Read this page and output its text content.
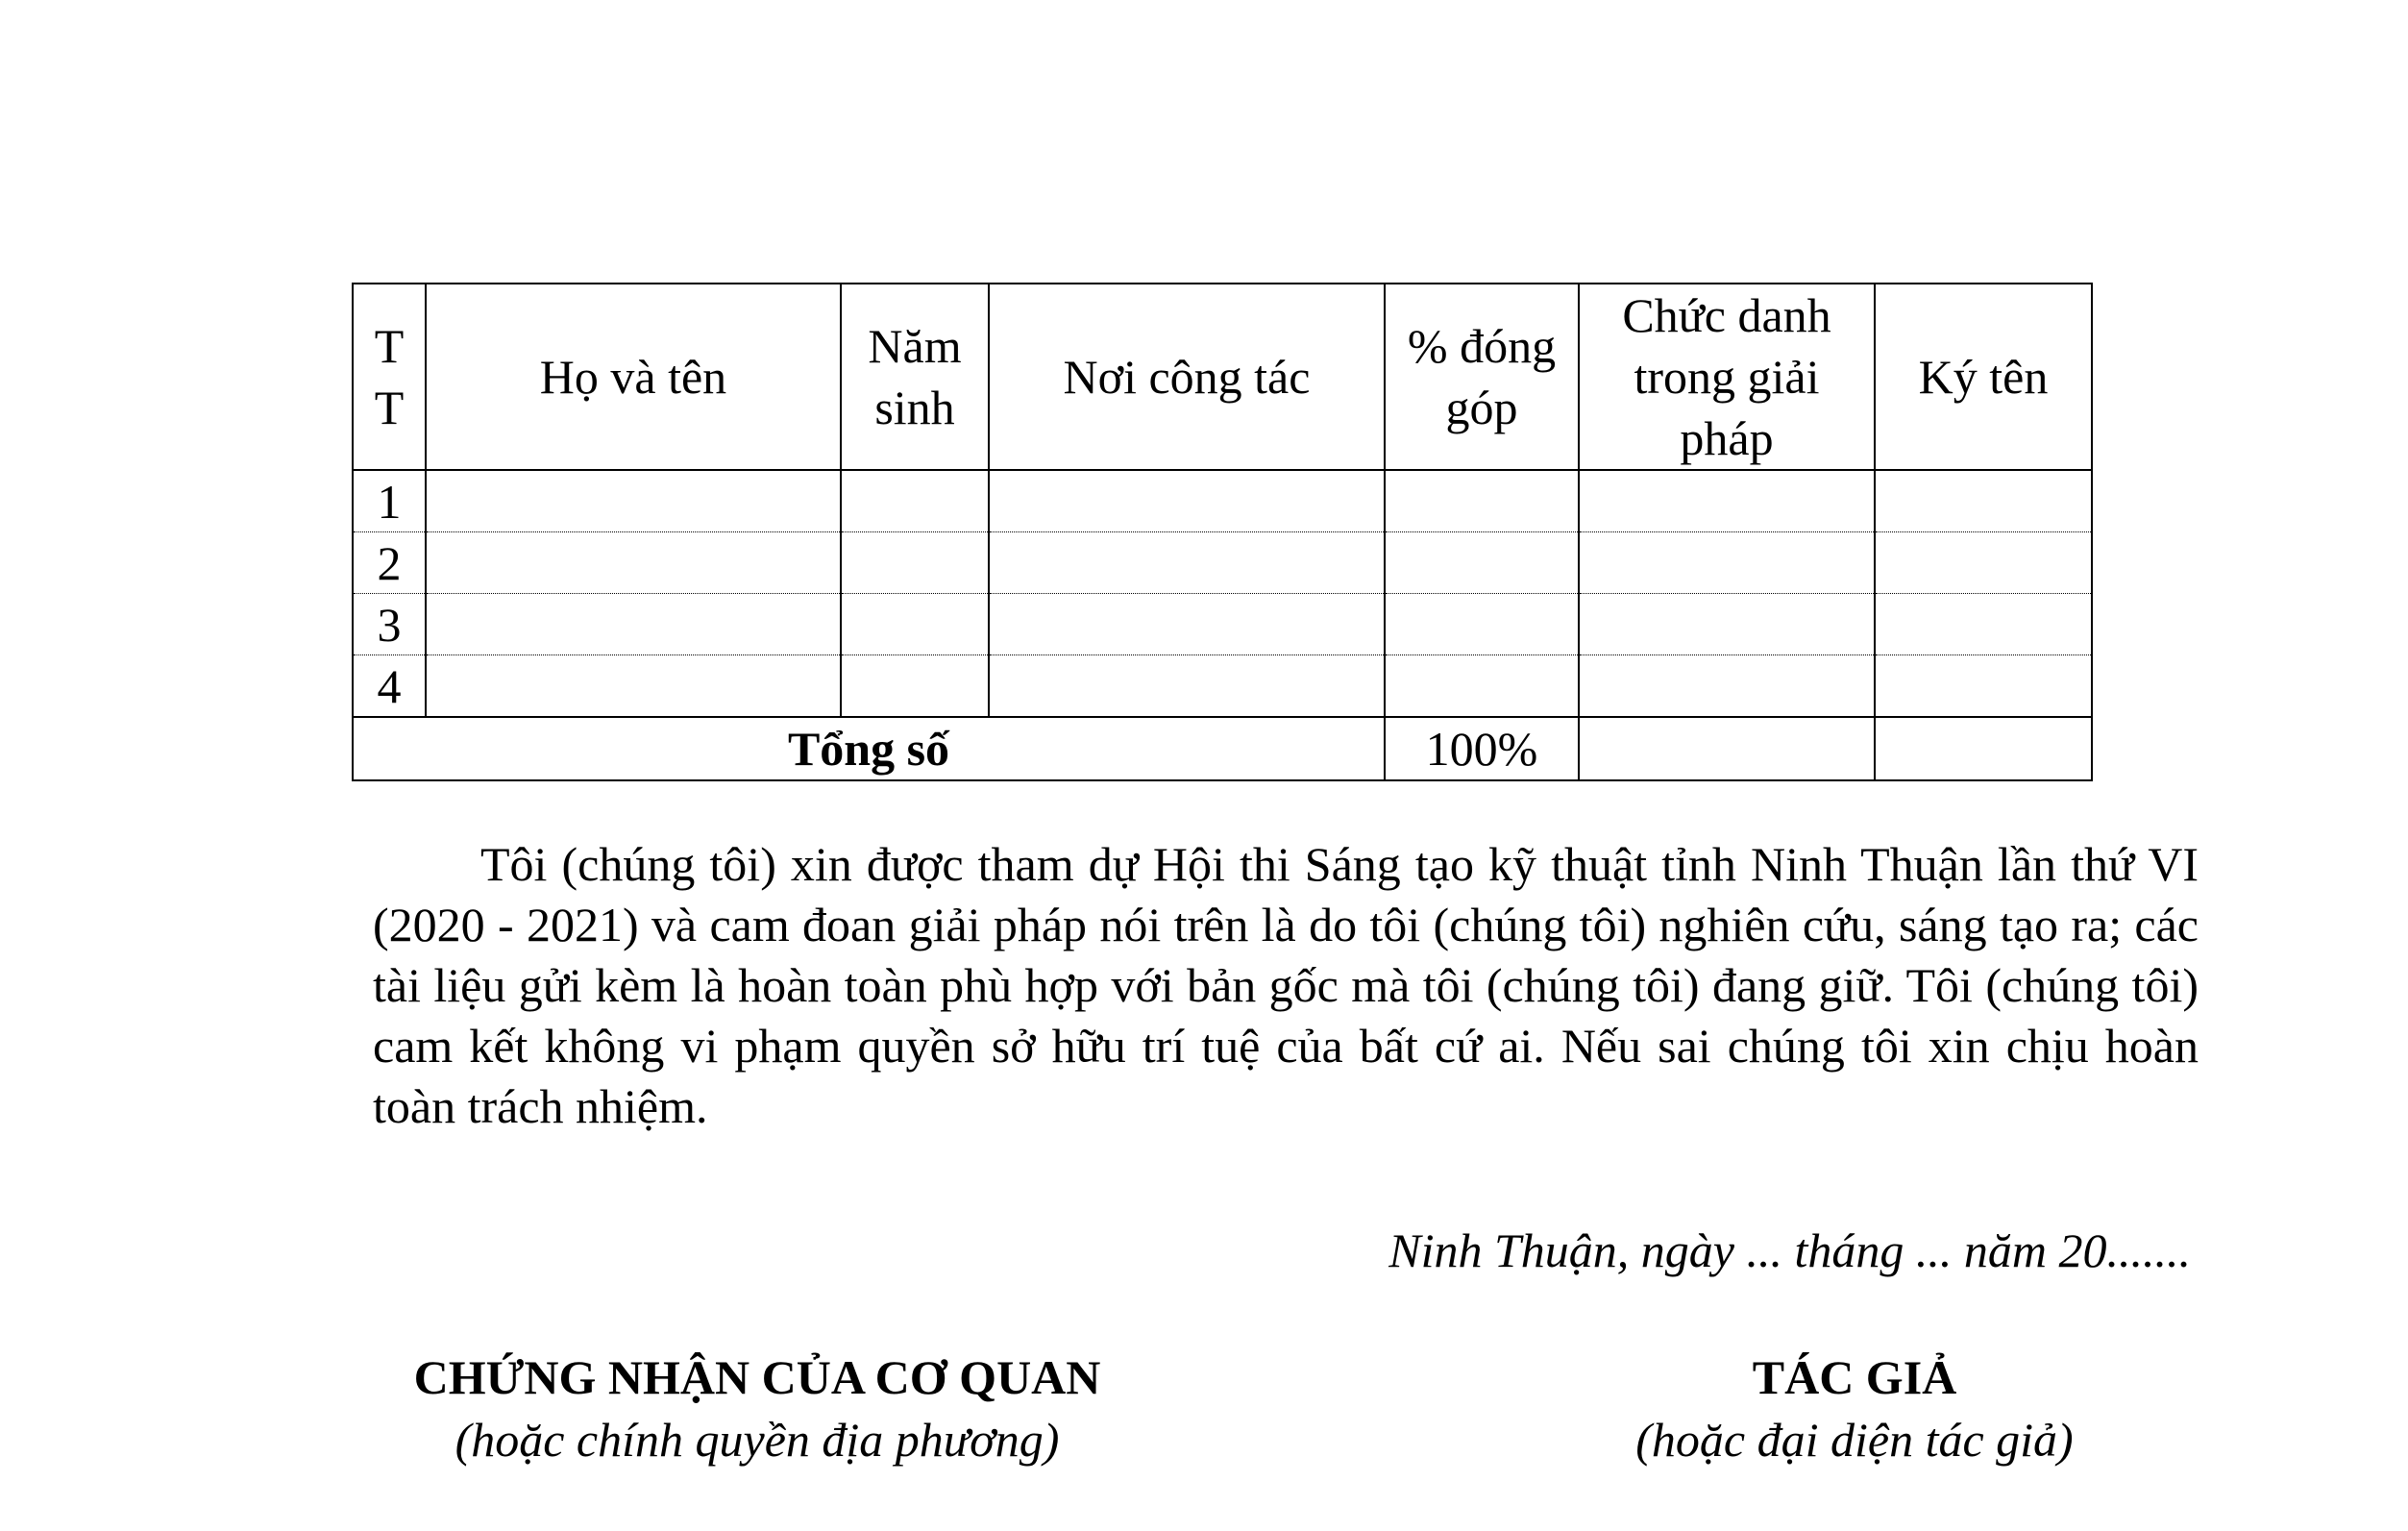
T T	Họ và tên	Năm sinh	Nơi công tác	% đóng góp	Chức danh trong giải pháp	Ký tên
1						
2						
3						
4						
Tổng số				100%		

Tôi (chúng tôi) xin được tham dự Hội thi Sáng tạo kỹ thuật tỉnh Ninh Thuận lần thứ VI (2020 - 2021) và cam đoan giải pháp nói trên là do tôi (chúng tôi) nghiên cứu, sáng tạo ra; các tài liệu gửi kèm là hoàn toàn phù hợp với bản gốc mà tôi (chúng tôi) đang giữ. Tôi (chúng tôi) cam kết không vi phạm quyền sở hữu trí tuệ của bất cứ ai. Nếu sai chúng tôi xin chịu hoàn toàn trách nhiệm.

Ninh Thuận, ngày ... tháng ... năm 20.......

CHỨNG NHẬN CỦA CƠ QUAN
(hoặc chính quyền địa phương)
TÁC GIẢ
(hoặc đại diện tác giả)
